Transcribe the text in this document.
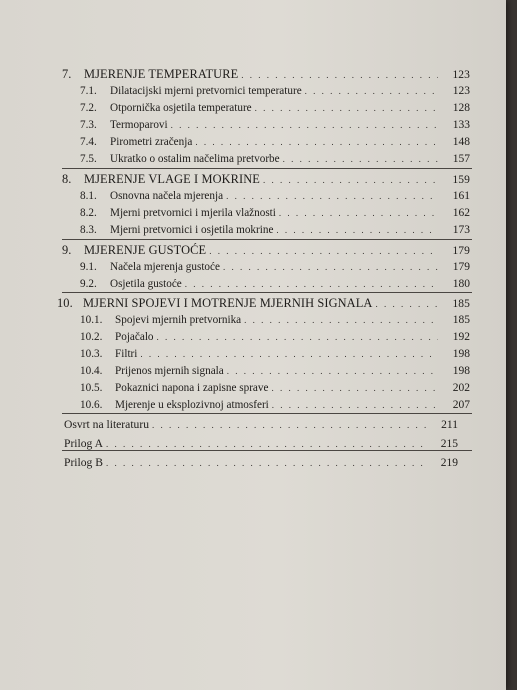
7.	MJERENJE TEMPERATURE . . .	123
7.1.	Dilatacijski mjerni pretvornici temperature . . .	123
7.2.	Otpornička osjetila temperature . . .	128
7.3.	Termoparovi . . .	133
7.4.	Pirometri zračenja . . .	148
7.5.	Ukratko o ostalim načelima pretvorbe . . .	157
8.	MJERENJE VLAGE I MOKRINE . . .	159
8.1.	Osnovna načela mjerenja . . .	161
8.2.	Mjerni pretvornici i mjerila vlažnosti . . .	162
8.3.	Mjerni pretvornici i osjetila mokrine . . .	173
9.	MJERENJE GUSTOĆE . . .	179
9.1.	Načela mjerenja gustoće . . .	179
9.2.	Osjetila gustoće . . .	180
10. MJERNI SPOJEVI I MOTRENJE MJERNIH SIGNALA . . .	185
10.1.	Spojevi mjernih pretvornika . . .	185
10.2.	Pojačalo . . .	192
10.3.	Filtri . . .	198
10.4.	Prijenos mjernih signala . . .	198
10.5.	Pokaznici napona i zapisne sprave . . .	202
10.6.	Mjerenje u eksplozivnoj atmosferi . . .	207
Osvrt na literaturu . . .	211
Prilog A . . .	215
Prilog B . . .	219
